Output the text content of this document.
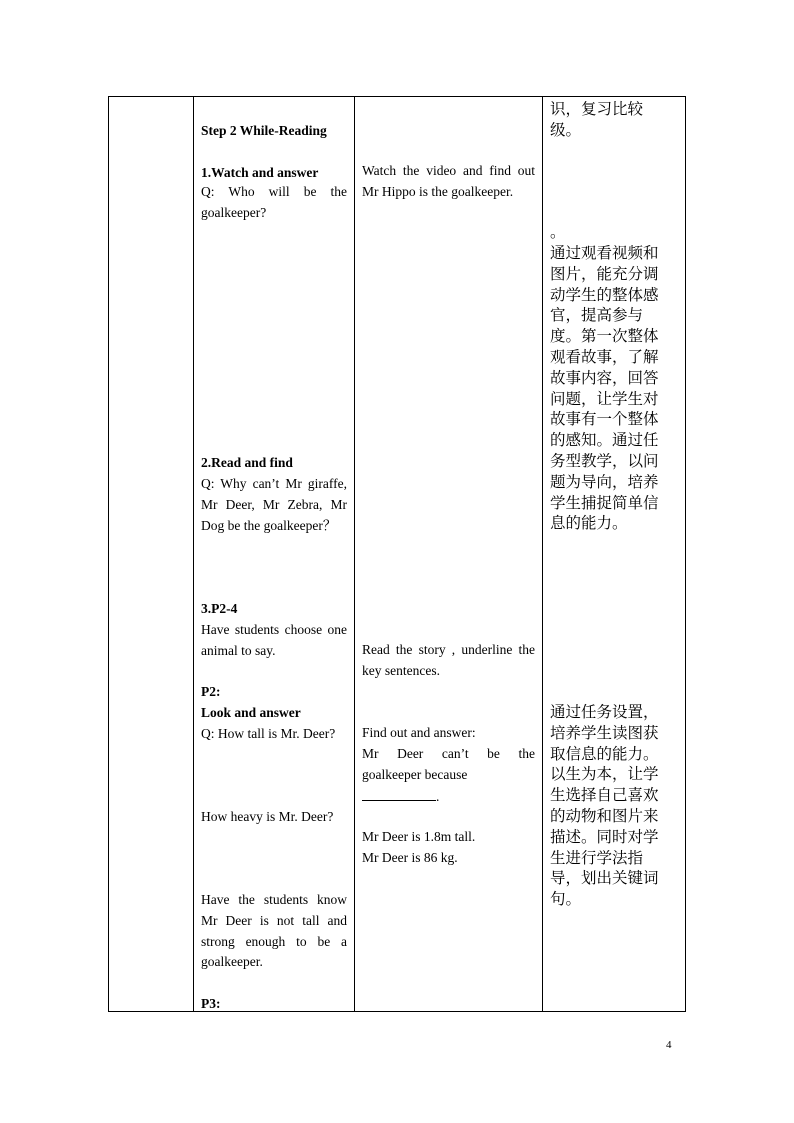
Step 2 While-Reading
1.Watch and answer
Q: Who will be the goalkeeper?
2.Read and find
Q: Why can’t Mr giraffe, Mr Deer, Mr Zebra, Mr Dog be the goalkeeper？
3.P2-4
Have students choose one animal to say.
P2:
Look and answer
Q: How tall is Mr. Deer?
How heavy is Mr. Deer?
Have the students know Mr Deer is not tall and strong enough to be a goalkeeper.
P3:
Watch the video and find out Mr Hippo is the goalkeeper.
Read the story , underline the key sentences.
Find out and answer:
Mr Deer can’t be the goalkeeper because
.
Mr Deer is 1.8m tall.
Mr Deer is 86 kg.
识，复习比较级。
。
通过观看视频和图片，能充分调动学生的整体感官，提高参与度。第一次整体观看故事，了解故事内容，回答问题，让学生对故事有一个整体的感知。通过任务型教学，以问题为导向，培养学生捕捉简单信息的能力。
通过任务设置，培养学生读图获取信息的能力。以生为本，让学生选择自己喜欢的动物和图片来描述。同时对学生进行学法指导，划出关键词句。
4
